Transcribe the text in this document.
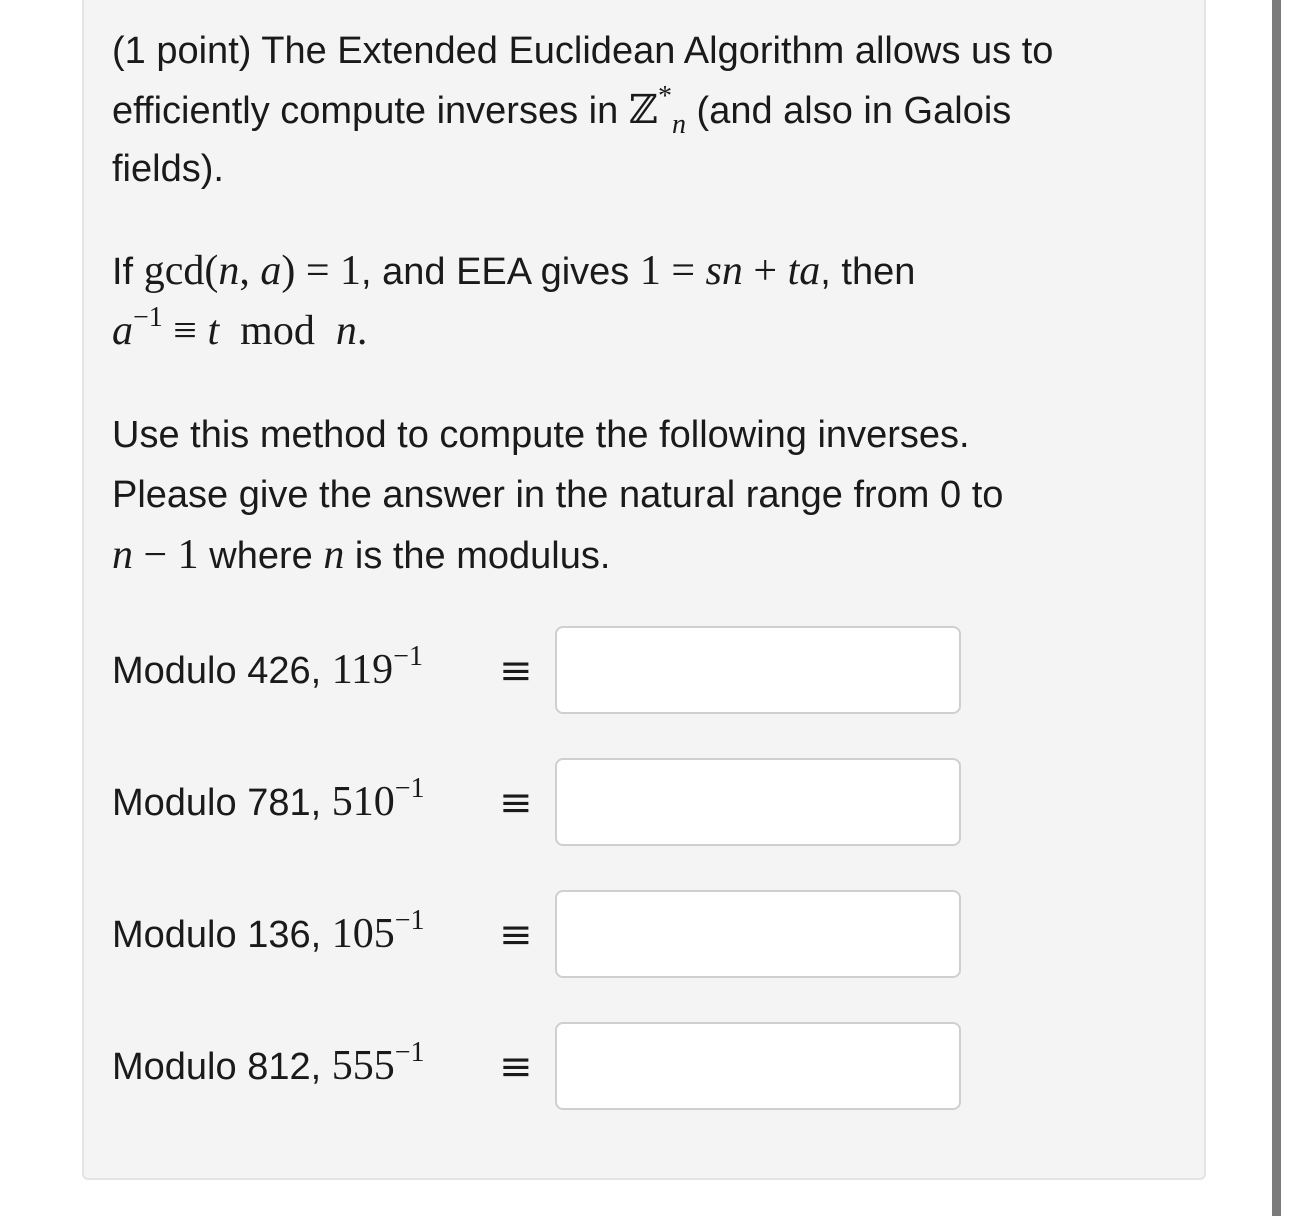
(1 point) The Extended Euclidean Algorithm allows us to
efficiently compute inverses in ℤ*$_n$ (and also in Galois
fields).
If gcd(n, a) = 1, and EEA gives 1 = sn + ta, then
$a^{-1} \equiv t$  mod  n.
Use this method to compute the following inverses.
Please give the answer in the natural range from 0 to
n − 1 where n is the modulus.
Modulo 426, $119^{-1}$ ≡
Modulo 781, $510^{-1}$ ≡
Modulo 136, $105^{-1}$ ≡
Modulo 812, $555^{-1}$ ≡
